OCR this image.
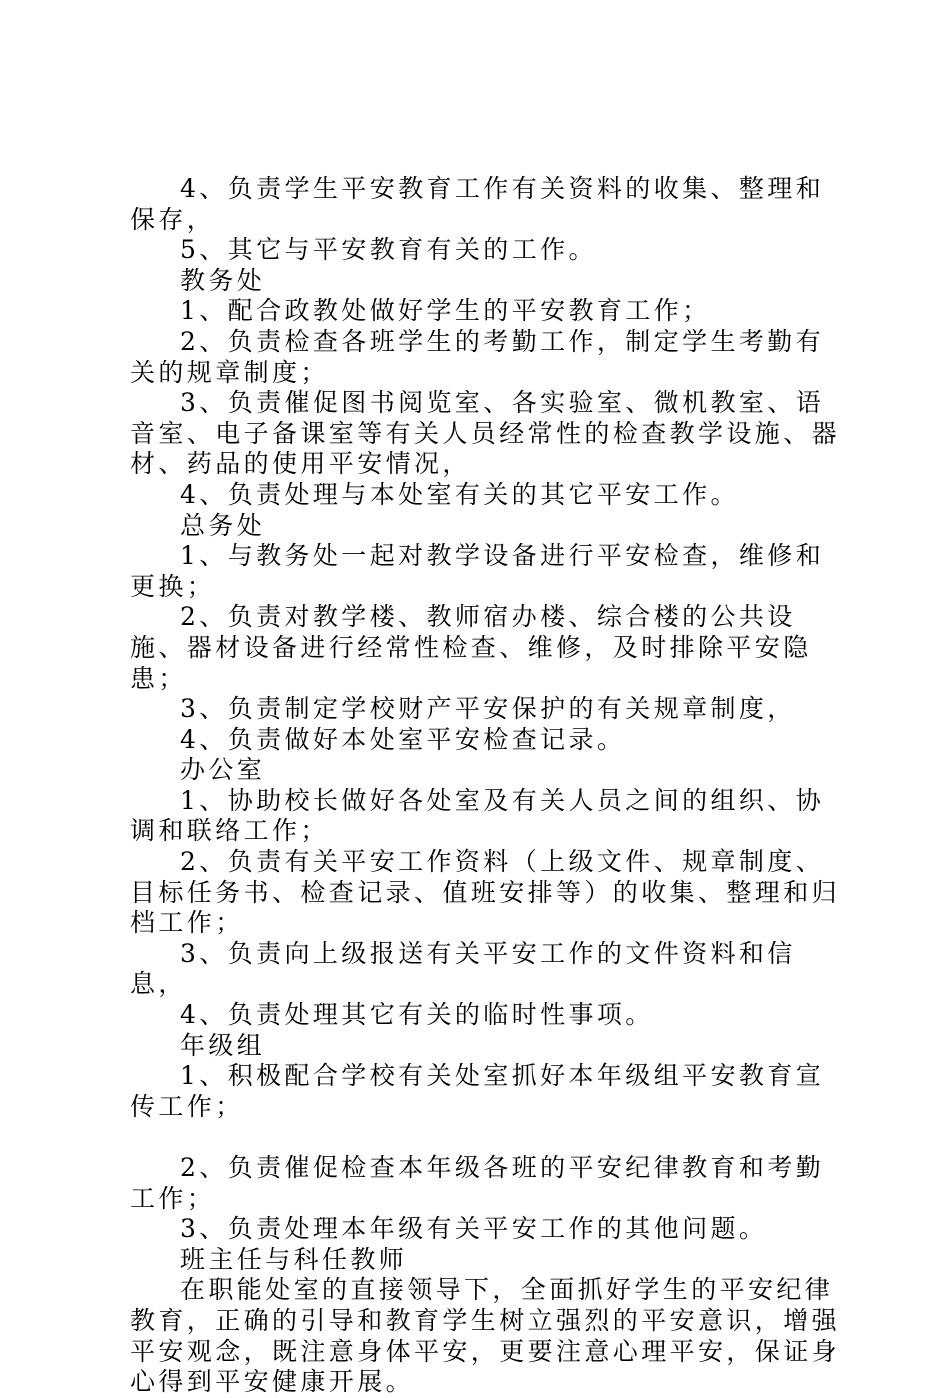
4、负责学生平安教育工作有关资料的收集、整理和保存，

5、其它与平安教育有关的工作。

教务处

1、配合政教处做好学生的平安教育工作；

2、负责检查各班学生的考勤工作，制定学生考勤有关的规章制度；

3、负责催促图书阅览室、各实验室、微机教室、语音室、电子备课室等有关人员经常性的检查教学设施、器材、药品的使用平安情况，

4、负责处理与本处室有关的其它平安工作。

总务处

1、与教务处一起对教学设备进行平安检查，维修和更换；

2、负责对教学楼、教师宿办楼、综合楼的公共设施、器材设备进行经常性检查、维修，及时排除平安隐患；

3、负责制定学校财产平安保护的有关规章制度，

4、负责做好本处室平安检查记录。

办公室

1、协助校长做好各处室及有关人员之间的组织、协调和联络工作；

2、负责有关平安工作资料（上级文件、规章制度、目标任务书、检查记录、值班安排等）的收集、整理和归档工作；

3、负责向上级报送有关平安工作的文件资料和信息，

4、负责处理其它有关的临时性事项。

年级组

1、积极配合学校有关处室抓好本年级组平安教育宣传工作；

2、负责催促检查本年级各班的平安纪律教育和考勤工作；

3、负责处理本年级有关平安工作的其他问题。

班主任与科任教师

在职能处室的直接领导下，全面抓好学生的平安纪律教育，正确的引导和教育学生树立强烈的平安意识，增强平安观念，既注意身体平安，更要注意心理平安，保证身心得到平安健康开展。
